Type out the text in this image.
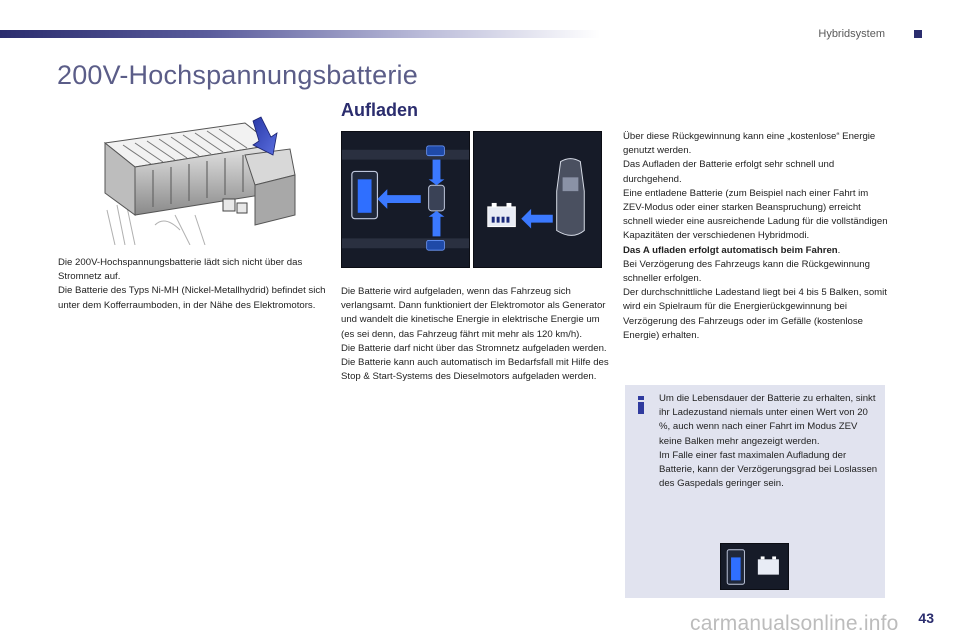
Hybridsystem
200V-Hochspannungsbatterie
Aufladen

Die 200V-Hochspannungsbatterie lädt sich nicht über das Stromnetz auf.

Die Batterie des Typs Ni-MH (Nickel-Metallhydrid) befindet sich unter dem Kofferraumboden, in der Nähe des Elektromotors.

Die Batterie wird aufgeladen, wenn das Fahrzeug sich verlangsamt. Dann funktioniert der Elektromotor als Generator und wandelt die kinetische Energie in elektrische Energie um (es sei denn, das Fahrzeug fährt mit mehr als 120 km/h).

Die Batterie darf nicht über das Stromnetz aufgeladen werden.

Die Batterie kann auch automatisch im Bedarfsfall mit Hilfe des Stop & Start-Systems des Dieselmotors aufgeladen werden.

Über diese Rückgewinnung kann eine „kostenlose“ Energie genutzt werden.

Das Aufladen der Batterie erfolgt sehr schnell und durchgehend.

Eine entladene Batterie (zum Beispiel nach einer Fahrt im ZEV-Modus oder einer starken Beanspruchung) erreicht schnell wieder eine ausreichende Ladung für die vollständigen Kapazitäten der verschiedenen Hybridmodi.

Das A ufladen erfolgt automatisch beim Fahren.

Bei Verzögerung des Fahrzeugs kann die Rückgewinnung schneller erfolgen.

Der durchschnittliche Ladestand liegt bei 4 bis 5 Balken, somit wird ein Spielraum für die Energierückgewinnung bei Verzögerung des Fahrzeugs oder im Gefälle (kostenlose Energie) erhalten.

Um die Lebensdauer der Batterie zu erhalten, sinkt ihr Ladezustand niemals unter einen Wert von 20 %, auch wenn nach einer Fahrt im Modus ZEV keine Balken mehr angezeigt werden.

Im Falle einer fast maximalen Aufladung der Batterie, kann der Verzögerungsgrad bei Loslassen des Gaspedals geringer sein.

carmanualsonline.info 43
